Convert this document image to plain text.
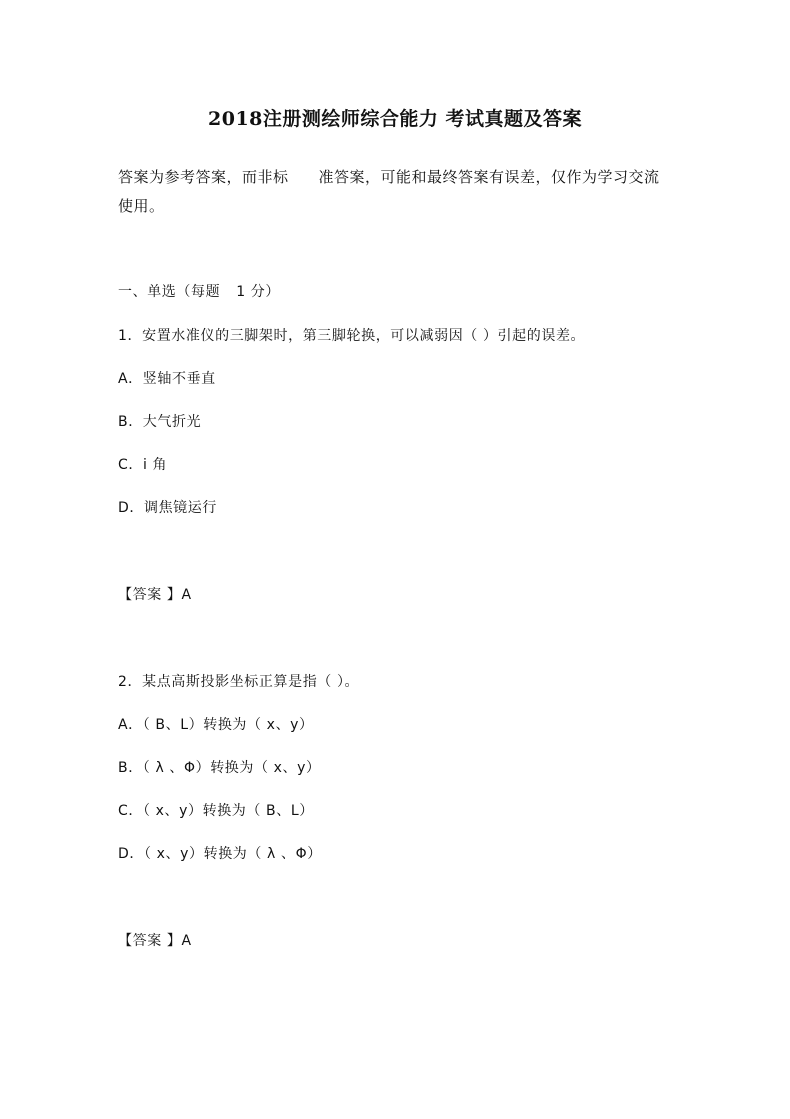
2018注册测绘师综合能力 考试真题及答案
答案为参考答案，而非标 准答案，可能和最终答案有误差，仅作为学习交流
使用。
一、单选（每题 1 分）
1．安置水准仪的三脚架时，第三脚轮换，可以减弱因（ ）引起的误差。
A．竖轴不垂直
B．大气折光
C．i 角
D．调焦镜运行
【答案 】A
2．某点高斯投影坐标正算是指（ ）。
A．（ B、L）转换为（ x、y）
B．（ λ 、Φ）转换为（ x、y）
C．（ x、y）转换为（ B、L）
D．（ x、y）转换为（ λ 、Φ）
【答案 】A
